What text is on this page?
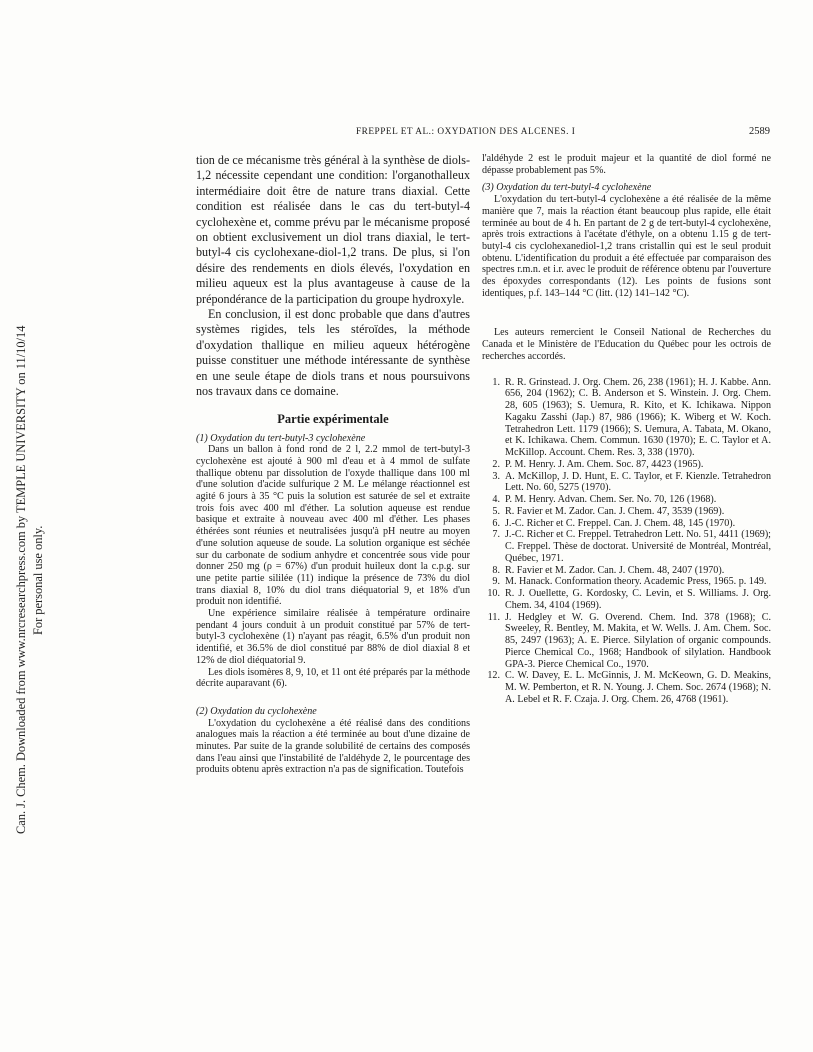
Can. J. Chem. Downloaded from www.nrcresearchpress.com by TEMPLE UNIVERSITY on 11/10/14 For personal use only.
FREPPEL ET AL.: OXYDATION DES ALCENES. I	2589

tion de ce mécanisme très général à la synthèse de diols-1,2 nécessite cependant une condition: l'organothalleux intermédiaire doit être de nature trans diaxial. Cette condition est réalisée dans le cas du tert-butyl-4 cyclohexène et, comme prévu par le mécanisme proposé on obtient exclusivement un diol trans diaxial, le tert-butyl-4 cis cyclohexane-diol-1,2 trans. De plus, si l'on désire des rendements en diols élevés, l'oxydation en milieu aqueux est la plus avantageuse à cause de la prépondérance de la participation du groupe hydroxyle.

En conclusion, il est donc probable que dans d'autres systèmes rigides, tels les stéroïdes, la méthode d'oxydation thallique en milieu aqueux hétérogène puisse constituer une méthode intéressante de synthèse en une seule étape de diols trans et nous poursuivons nos travaux dans ce domaine.

Partie expérimentale
(1) Oxydation du tert-butyl-3 cyclohexène

Dans un ballon à fond rond de 2 l, 2.2 mmol de tert-butyl-3 cyclohexène est ajouté à 900 ml d'eau et à 4 mmol de sulfate thallique obtenu par dissolution de l'oxyde thallique dans 100 ml d'une solution d'acide sulfurique 2 M. Le mélange réactionnel est agité 6 jours à 35 °C puis la solution est saturée de sel et extraite trois fois avec 400 ml d'éther. La solution aqueuse est rendue basique et extraite à nouveau avec 400 ml d'éther. Les phases éthérées sont réunies et neutralisées jusqu'à pH neutre au moyen d'une solution aqueuse de soude. La solution organique est séchée sur du carbonate de sodium anhydre et concentrée sous vide pour donner 250 mg (ρ = 67%) d'un produit huileux dont la c.p.g. sur une petite partie sililée (11) indique la présence de 73% du diol trans diaxial 8, 10% du diol trans diéquatorial 9, et 18% d'un produit non identifié.

Une expérience similaire réalisée à température ordinaire pendant 4 jours conduit à un produit constitué par 57% de tert-butyl-3 cyclohexène (1) n'ayant pas réagit, 6.5% d'un produit non identifié, et 36.5% de diol constitué par 88% de diol diaxial 8 et 12% de diol diéquatorial 9.

Les diols isomères 8, 9, 10, et 11 ont été préparés par la méthode décrite auparavant (6).

(2) Oxydation du cyclohexène

L'oxydation du cyclohexène a été réalisé dans des conditions analogues mais la réaction a été terminée au bout d'une dizaine de minutes. Par suite de la grande solubilité de certains des composés dans l'eau ainsi que l'instabilité de l'aldéhyde 2, le pourcentage des produits obtenu après extraction n'a pas de signification. Toutefois

l'aldéhyde 2 est le produit majeur et la quantité de diol formé ne dépasse probablement pas 5%.

(3) Oxydation du tert-butyl-4 cyclohexène

L'oxydation du tert-butyl-4 cyclohexène a été réalisée de la même manière que 7, mais la réaction étant beaucoup plus rapide, elle était terminée au bout de 4 h. En partant de 2 g de tert-butyl-4 cyclohexène, après trois extractions à l'acétate d'éthyle, on a obtenu 1.15 g de tert-butyl-4 cis cyclohexanediol-1,2 trans cristallin qui est le seul produit obtenu. L'identification du produit a été effectuée par comparaison des spectres r.m.n. et i.r. avec le produit de référence obtenu par l'ouverture des époxydes correspondants (12). Les points de fusions sont identiques, p.f. 143–144 °C (litt. (12) 141–142 °C).

Les auteurs remercient le Conseil National de Recherches du Canada et le Ministère de l'Education du Québec pour les octrois de recherches accordés.

1. R. R. Grinstead. J. Org. Chem. 26, 238 (1961); H. J. Kabbe. Ann. 656, 204 (1962); C. B. Anderson et S. Winstein. J. Org. Chem. 28, 605 (1963); S. Uemura, R. Kito, et K. Ichikawa. Nippon Kagaku Zasshi (Jap.) 87, 986 (1966); K. Wiberg et W. Koch. Tetrahedron Lett. 1179 (1966); S. Uemura, A. Tabata, M. Okano, et K. Ichikawa. Chem. Commun. 1630 (1970); E. C. Taylor et A. McKillop. Account. Chem. Res. 3, 338 (1970).
2. P. M. Henry. J. Am. Chem. Soc. 87, 4423 (1965).
3. A. McKillop, J. D. Hunt, E. C. Taylor, et F. Kienzle. Tetrahedron Lett. No. 60, 5275 (1970).
4. P. M. Henry. Advan. Chem. Ser. No. 70, 126 (1968).
5. R. Favier et M. Zador. Can. J. Chem. 47, 3539 (1969).
6. J.-C. Richer et C. Freppel. Can. J. Chem. 48, 145 (1970).
7. J.-C. Richer et C. Freppel. Tetrahedron Lett. No. 51, 4411 (1969); C. Freppel. Thèse de doctorat. Université de Montréal, Montréal, Québec, 1971.
8. R. Favier et M. Zador. Can. J. Chem. 48, 2407 (1970).
9. M. Hanack. Conformation theory. Academic Press, 1965. p. 149.
10. R. J. Ouellette, G. Kordosky, C. Levin, et S. Williams. J. Org. Chem. 34, 4104 (1969).
11. J. Hedgley et W. G. Overend. Chem. Ind. 378 (1968); C. Sweeley, R. Bentley, M. Makita, et W. Wells. J. Am. Chem. Soc. 85, 2497 (1963); A. E. Pierce. Silylation of organic compounds. Pierce Chemical Co., 1968; Handbook of silylation. Handbook GPA-3. Pierce Chemical Co., 1970.
12. C. W. Davey, E. L. McGinnis, J. M. McKeown, G. D. Meakins, M. W. Pemberton, et R. N. Young. J. Chem. Soc. 2674 (1968); N. A. Lebel et R. F. Czaja. J. Org. Chem. 26, 4768 (1961).
